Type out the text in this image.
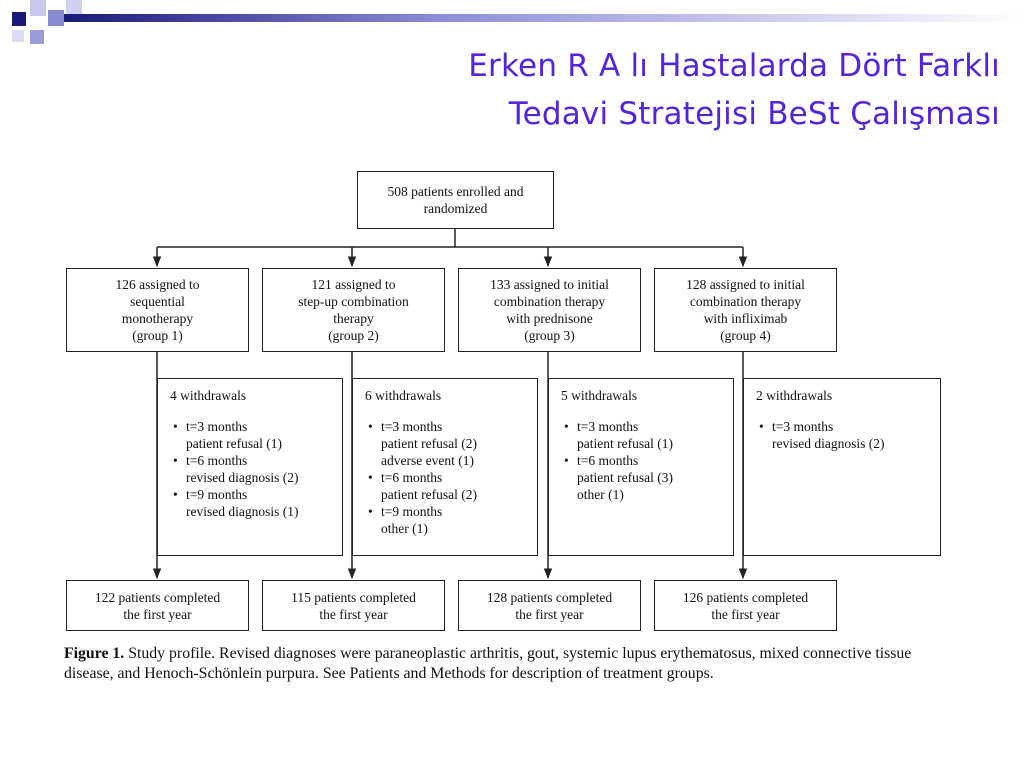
Erken R A lı Hastalarda Dört Farklı
Tedavi Stratejisi BeSt Çalışması
508 patients enrolled and
randomized
126 assigned to
sequential
monotherapy
(group 1)
4 withdrawals
• t=3 months
patient refusal (1)
• t=6 months
revised diagnosis (2)
• t=9 months
revised diagnosis (1)
122 patients completed
the first year
121 assigned to
step-up combination
therapy
(group 2)
6 withdrawals
• t=3 months
patient refusal (2)
adverse event (1)
• t=6 months
patient refusal (2)
• t=9 months
other (1)
115 patients completed
the first year
133 assigned to initial
combination therapy
with prednisone
(group 3)
5 withdrawals
• t=3 months
patient refusal (1)
• t=6 months
patient refusal (3)
other (1)
128 patients completed
the first year
128 assigned to initial
combination therapy
with infliximab
(group 4)
2 withdrawals
• t=3 months
revised diagnosis (2)
126 patients completed
the first year

Figure 1. Study profile. Revised diagnoses were paraneoplastic arthritis, gout, systemic lupus erythematosus, mixed connective tissue disease, and Henoch-Schönlein purpura. See Patients and Methods for description of treatment groups.
